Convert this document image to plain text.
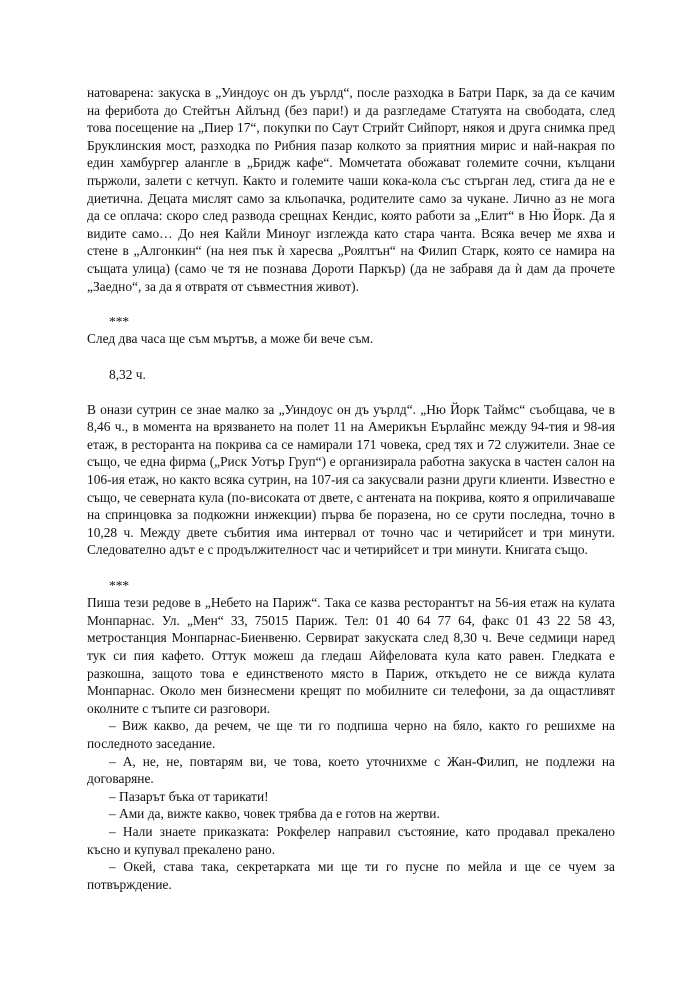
натоварена: закуска в „Уиндоус он дъ уърлд“, после разходка в Батри Парк, за да се качим на фериботa до Стейтън Айлънд (без пари!) и да разгледаме Статуята на свободата, след това посещение на „Пиер 17“, покупки по Саут Стрийт Сийпорт, някоя и друга снимка пред Бруклинския мост, разходка по Рибния пазар колкото за приятния мирис и най-накрая по един хамбургер алангле в „Бридж кафе“. Момчетата обожават големите сочни, кълцани пържоли, залети с кетчуп. Както и големите чаши кока-кола със стърган лед, стига да не е диетична. Децата мислят само за кльопачка, родителите само за чукане. Лично аз не мога да се оплача: скоро след развода срещнах Кендис, която работи за „Елит“ в Ню Йорк. Да я видите само… До нея Кайли Миноуг изглежда като стара чанта. Всяка вечер ме яхва и стене в „Алгонкин“ (на нея пък ѝ харесва „Роялтън“ на Филип Старк, която се намира на същата улица) (само че тя не познава Дороти Паркър) (да не забравя да ѝ дам да прочете „Заедно“, за да я отвратя от съвместния живот).

***

След два часа ще съм мъртъв, а може би вече съм.

8,32 ч.

В онази сутрин се знае малко за „Уиндоус он дъ уърлд“. „Ню Йорк Таймс“ съобщава, че в 8,46 ч., в момента на врязването на полет 11 на Америкън Еърлайнс между 94-тия и 98-ия етаж, в ресторанта на покрива са се намирали 171 човека, сред тях и 72 служители. Знае се също, че една фирма („Риск Уотър Груп“) е организирала работна закуска в частен салон на 106-ия етаж, но както всяка сутрин, на 107-ия са закусвали разни други клиенти. Известно е също, че северната кула (по-високата от двете, с антената на покрива, която я оприличаваше на спринцовка за подкожни инжекции) първа бе поразена, но се срути последна, точно в 10,28 ч. Между двете събития има интервал от точно час и четирийсет и три минути. Следователно адът е с продължителност час и четирийсет и три минути. Книгата също.

***

Пиша тези редове в „Небето на Париж“. Така се казва ресторантът на 56-ия етаж на кулата Монпарнас. Ул. „Мен“ 33, 75015 Париж. Тел: 01 40 64 77 64, факс 01 43 22 58 43, метростанция Монпарнас-Биенвеню. Сервират закуската след 8,30 ч. Вече седмици наред тук си пия кафето. Оттук можеш да гледаш Айфеловата кула като равен. Гледката е разкошна, защото това е единственото място в Париж, откъдето не се вижда кулата Монпарнас. Около мен бизнесмени крещят по мобилните си телефони, за да ощастливят околните с тъпите си разговори.

– Виж какво, да речем, че ще ти го подпиша черно на бяло, както го решихме на последното заседание.

– А, не, не, повтарям ви, че това, което уточнихме с Жан-Филип, не подлежи на договаряне.

– Пазарът бъка от тарикати!

– Ами да, вижте какво, човек трябва да е готов на жертви.

– Нали знаете приказката: Рокфелер направил състояние, като продавал прекалено късно и купувал прекалено рано.

– Окей, става така, секретарката ми ще ти го пусне по мейла и ще се чуем за потвърждение.
